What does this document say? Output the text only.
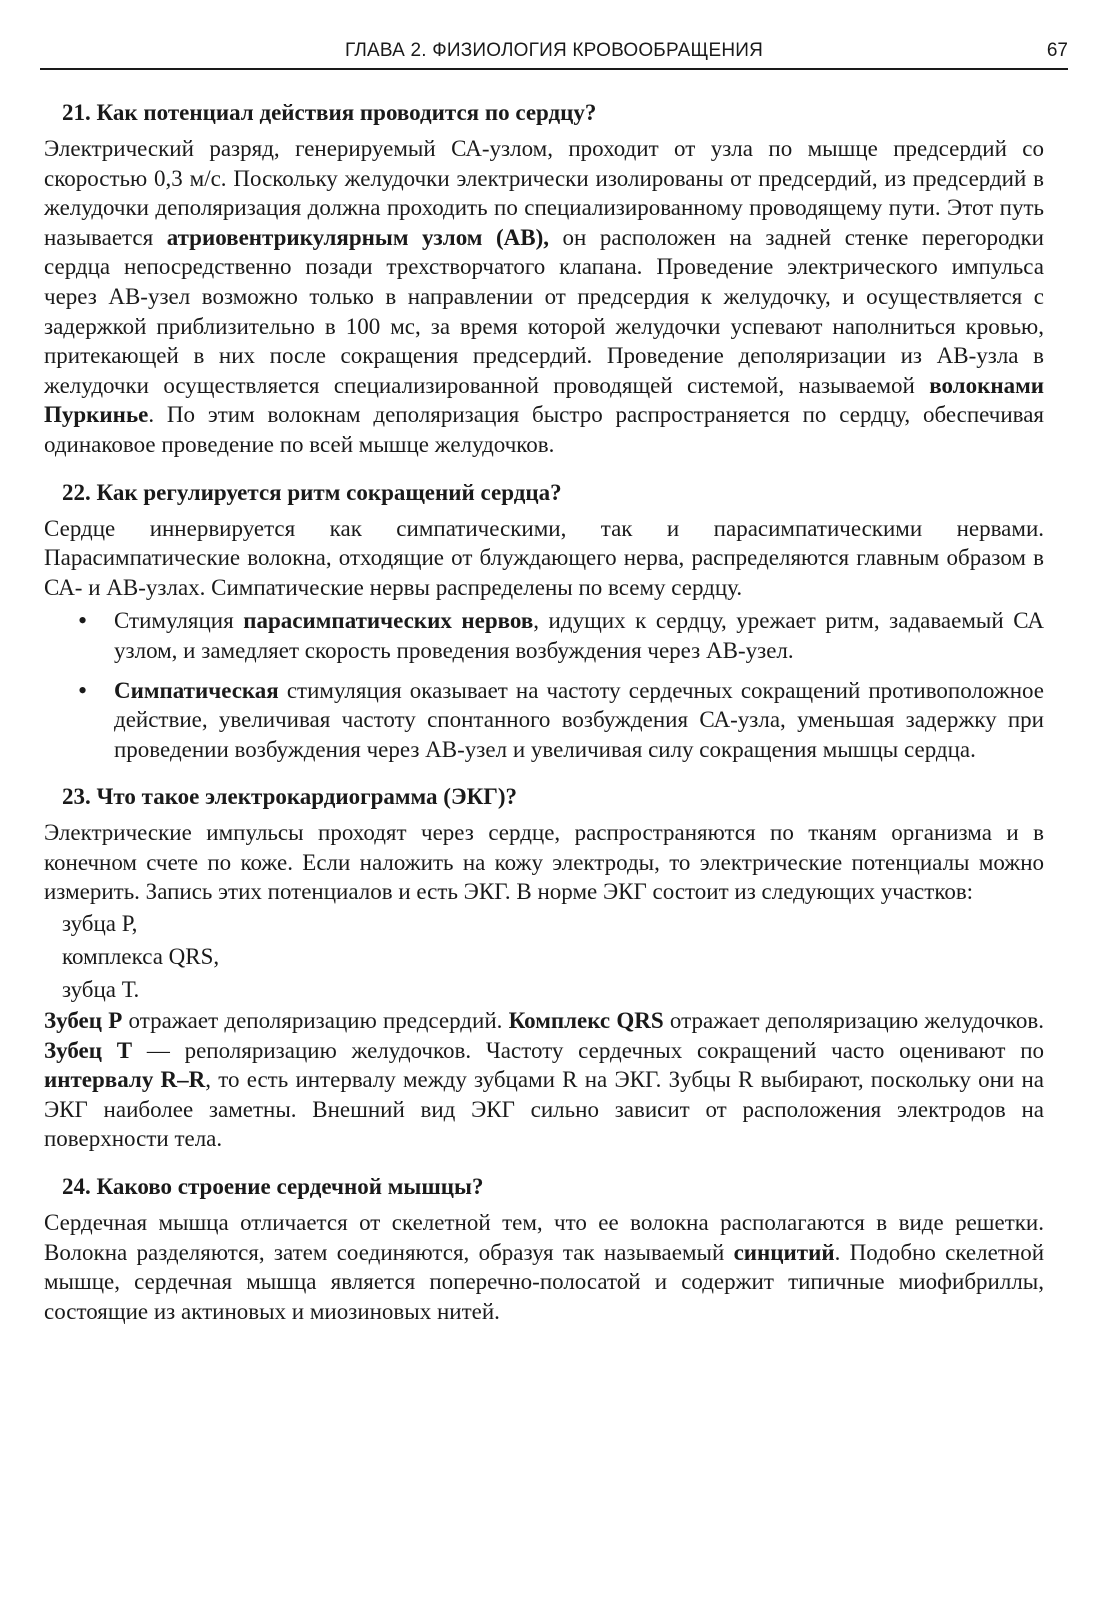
ГЛАВА 2. ФИЗИОЛОГИЯ КРОВООБРАЩЕНИЯ	67
21. Как потенциал действия проводится по сердцу?

Электрический разряд, генерируемый СА-узлом, проходит от узла по мышце предсердий со скоростью 0,3 м/с. Поскольку желудочки электрически изолированы от предсердий, из предсердий в желудочки деполяризация должна проходить по специализированному проводящему пути. Этот путь называется атриовентрикулярным узлом (АВ), он расположен на задней стенке перегородки сердца непосредственно позади трехстворчатого клапана. Проведение электрического импульса через АВ-узел возможно только в направлении от предсердия к желудочку, и осуществляется с задержкой приблизительно в 100 мс, за время которой желудочки успевают наполниться кровью, притекающей в них после сокращения предсердий. Проведение деполяризации из АВ-узла в желудочки осуществляется специализированной проводящей системой, называемой волокнами Пуркинье. По этим волокнам деполяризация быстро распространяется по сердцу, обеспечивая одинаковое проведение по всей мышце желудочков.

22. Как регулируется ритм сокращений сердца?

Сердце иннервируется как симпатическими, так и парасимпатическими нервами. Парасимпатические волокна, отходящие от блуждающего нерва, распределяются главным образом в СА- и АВ-узлах. Симпатические нервы распределены по всему сердцу.

• Стимуляция парасимпатических нервов, идущих к сердцу, урежает ритм, задаваемый СА узлом, и замедляет скорость проведения возбуждения через АВ-узел.
• Симпатическая стимуляция оказывает на частоту сердечных сокращений противоположное действие, увеличивая частоту спонтанного возбуждения СА-узла, уменьшая задержку при проведении возбуждения через АВ-узел и увеличивая силу сокращения мышцы сердца.
23. Что такое электрокардиограмма (ЭКГ)?

Электрические импульсы проходят через сердце, распространяются по тканям организма и в конечном счете по коже. Если наложить на кожу электроды, то электрические потенциалы можно измерить. Запись этих потенциалов и есть ЭКГ. В норме ЭКГ состоит из следующих участков:

зубца Р,
комплекса QRS,
зубца Т.

Зубец Р отражает деполяризацию предсердий. Комплекс QRS отражает деполяризацию желудочков. Зубец Т — реполяризацию желудочков. Частоту сердечных сокращений часто оценивают по интервалу R–R, то есть интервалу между зубцами R на ЭКГ. Зубцы R выбирают, поскольку они на ЭКГ наиболее заметны. Внешний вид ЭКГ сильно зависит от расположения электродов на поверхности тела.

24. Каково строение сердечной мышцы?

Сердечная мышца отличается от скелетной тем, что ее волокна располагаются в виде решетки. Волокна разделяются, затем соединяются, образуя так называемый синцитий. Подобно скелетной мышце, сердечная мышца является поперечно-полосатой и содержит типичные миофибриллы, состоящие из актиновых и миозиновых нитей.
